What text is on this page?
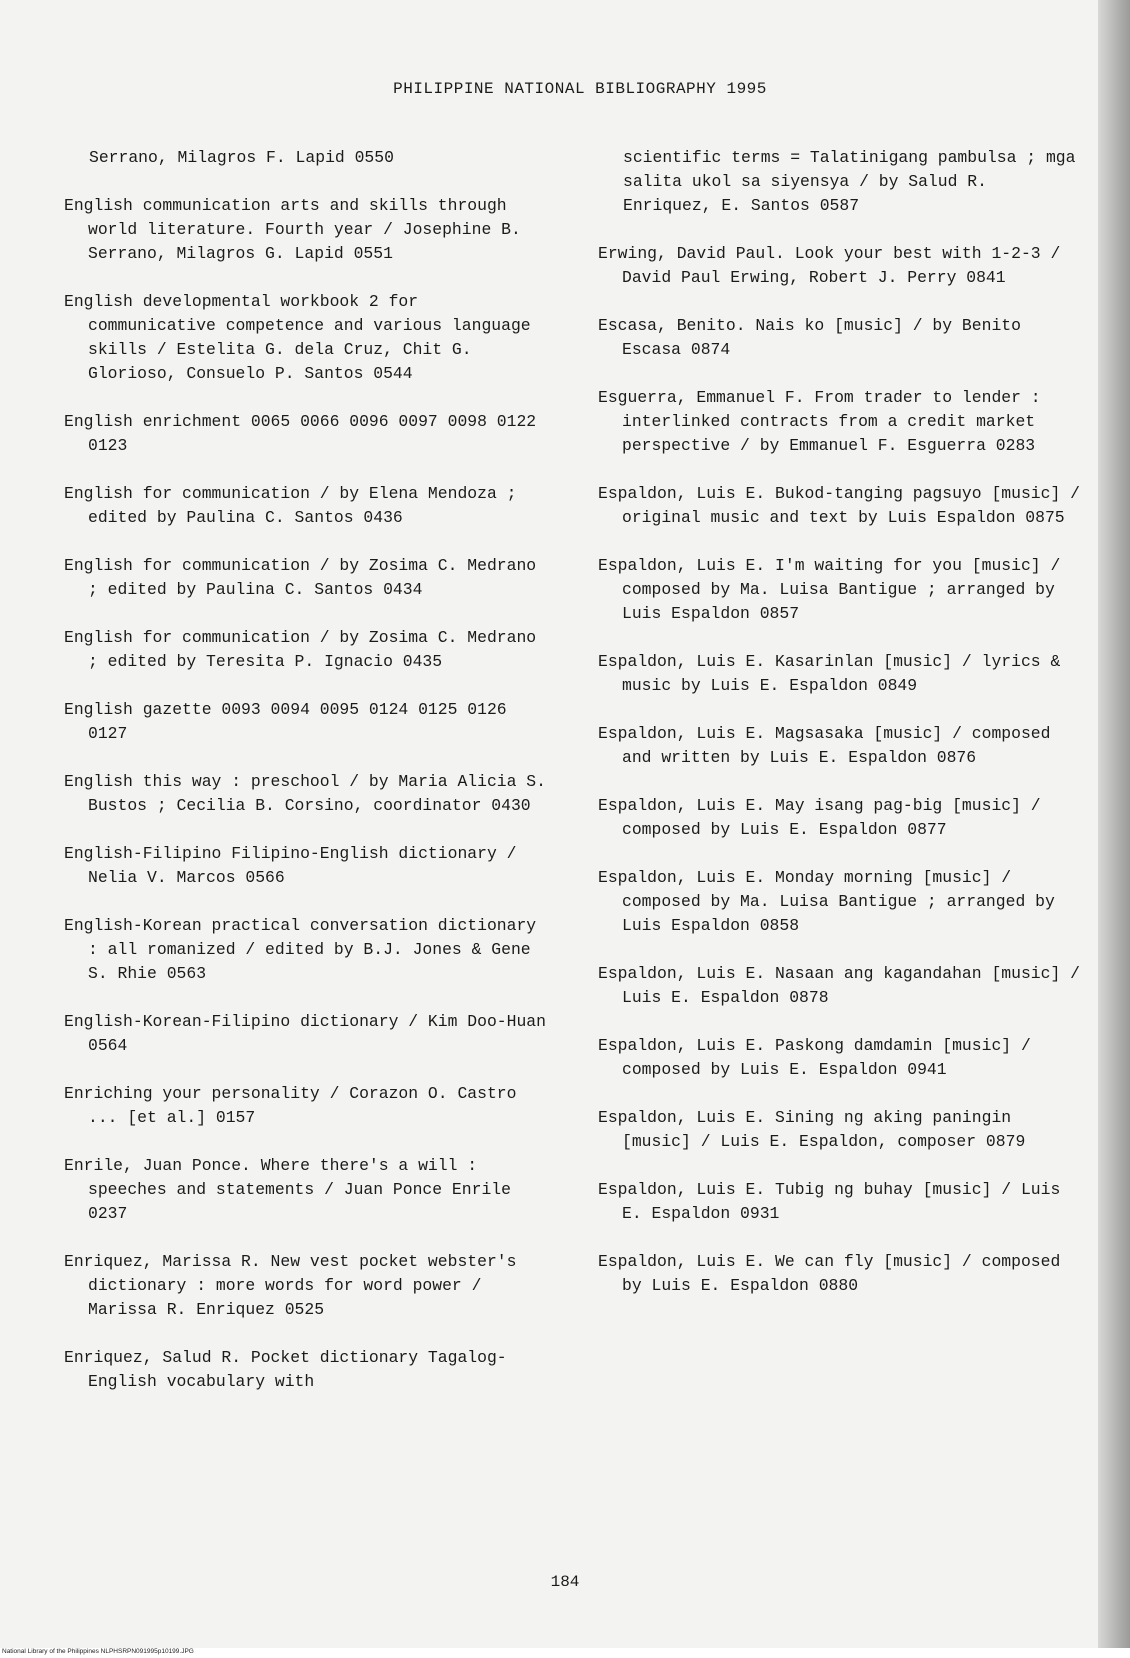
PHILIPPINE NATIONAL BIBLIOGRAPHY 1995
Serrano, Milagros F. Lapid 0550
English communication arts and skills through world literature. Fourth year / Josephine B. Serrano, Milagros G. Lapid 0551
English developmental workbook 2 for communicative competence and various language skills / Estelita G. dela Cruz, Chit G. Glorioso, Consuelo P. Santos 0544
English enrichment 0065 0066 0096 0097 0098 0122 0123
English for communication / by Elena Mendoza ; edited by Paulina C. Santos 0436
English for communication / by Zosima C. Medrano ; edited by Paulina C. Santos 0434
English for communication / by Zosima C. Medrano ; edited by Teresita P. Ignacio 0435
English gazette 0093 0094 0095 0124 0125 0126 0127
English this way : preschool / by Maria Alicia S. Bustos ; Cecilia B. Corsino, coordinator 0430
English-Filipino Filipino-English dictionary / Nelia V. Marcos 0566
English-Korean practical conversation dictionary : all romanized / edited by B.J. Jones & Gene S. Rhie 0563
English-Korean-Filipino dictionary / Kim Doo-Huan 0564
Enriching your personality / Corazon O. Castro ... [et al.] 0157
Enrile, Juan Ponce. Where there's a will : speeches and statements / Juan Ponce Enrile 0237
Enriquez, Marissa R. New vest pocket webster's dictionary : more words for word power / Marissa R. Enriquez 0525
Enriquez, Salud R. Pocket dictionary Tagalog-English vocabulary with
scientific terms = Talatinigang pambulsa ; mga salita ukol sa siyensya / by Salud R. Enriquez, E. Santos 0587
Erwing, David Paul. Look your best with 1-2-3 / David Paul Erwing, Robert J. Perry 0841
Escasa, Benito. Nais ko [music] / by Benito Escasa 0874
Esguerra, Emmanuel F. From trader to lender : interlinked contracts from a credit market perspective / by Emmanuel F. Esguerra 0283
Espaldon, Luis E. Bukod-tanging pagsuyo [music] / original music and text by Luis Espaldon 0875
Espaldon, Luis E. I'm waiting for you [music] / composed by Ma. Luisa Bantigue ; arranged by Luis Espaldon 0857
Espaldon, Luis E. Kasarinlan [music] / lyrics & music by Luis E. Espaldon 0849
Espaldon, Luis E. Magsasaka [music] / composed and written by Luis E. Espaldon 0876
Espaldon, Luis E. May isang pag-big [music] / composed by Luis E. Espaldon 0877
Espaldon, Luis E. Monday morning [music] / composed by Ma. Luisa Bantigue ; arranged by Luis Espaldon 0858
Espaldon, Luis E. Nasaan ang kagandahan [music] / Luis E. Espaldon 0878
Espaldon, Luis E. Paskong damdamin [music] / composed by Luis E. Espaldon 0941
Espaldon, Luis E. Sining ng aking paningin [music] / Luis E. Espaldon, composer 0879
Espaldon, Luis E. Tubig ng buhay [music] / Luis E. Espaldon 0931
Espaldon, Luis E. We can fly [music] / composed by Luis E. Espaldon 0880
184
National Library of the Philippines NLPHSRPN091995p10199.JPG
